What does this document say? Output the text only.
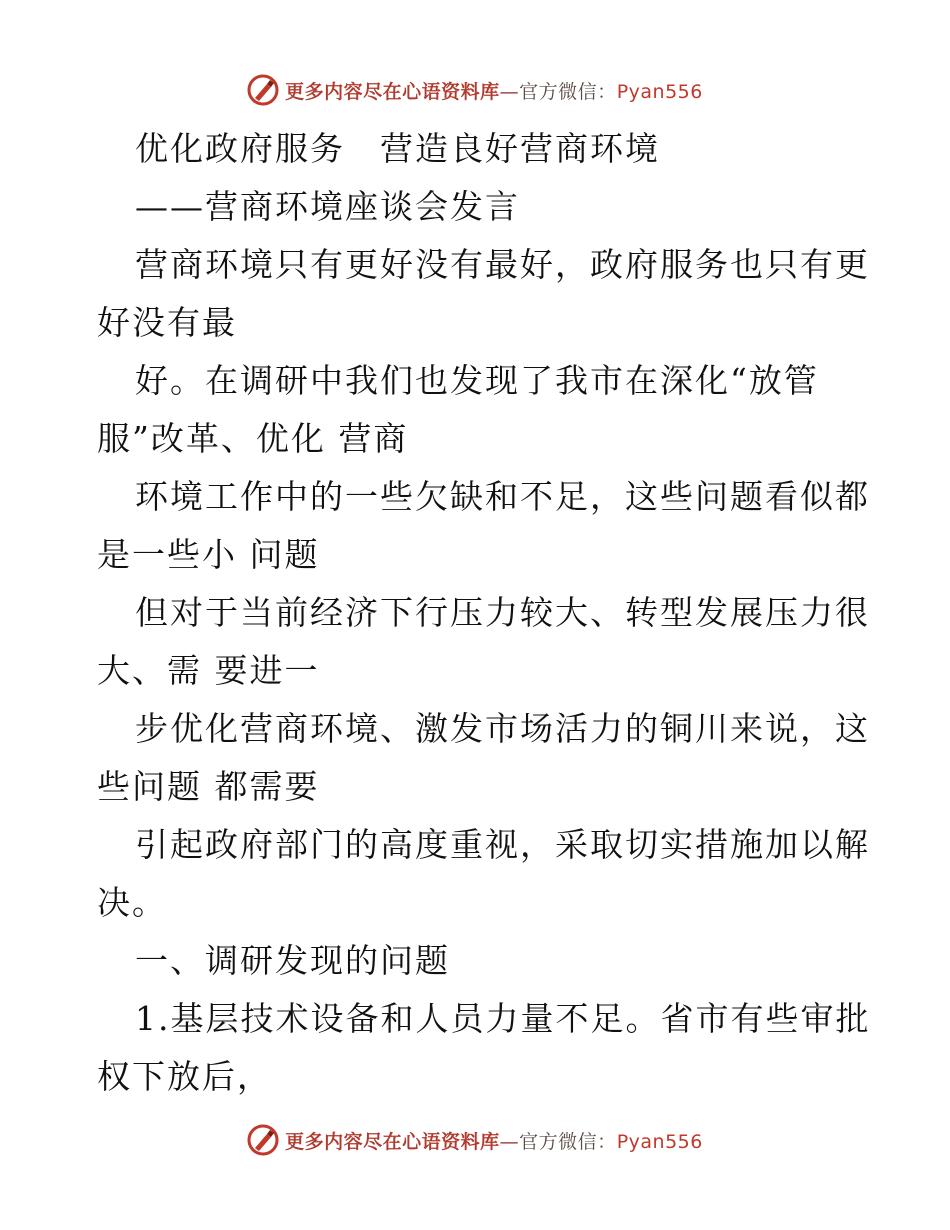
更多内容尽在心语资料库—官方微信：Pyan556
优化政府服务　营造良好营商环境
——营商环境座谈会发言
营商环境只有更好没有最好，政府服务也只有更
好没有最
好。在调研中我们也发现了我市在深化“放管
服”改革、优化 营商
环境工作中的一些欠缺和不足，这些问题看似都
是一些小 问题
但对于当前经济下行压力较大、转型发展压力很
大、需 要进一
步优化营商环境、激发市场活力的铜川来说，这
些问题 都需要
引起政府部门的高度重视，采取切实措施加以解
决。
一、调研发现的问题
1.基层技术设备和人员力量不足。省市有些审批
权下放后，
更多内容尽在心语资料库—官方微信：Pyan556
